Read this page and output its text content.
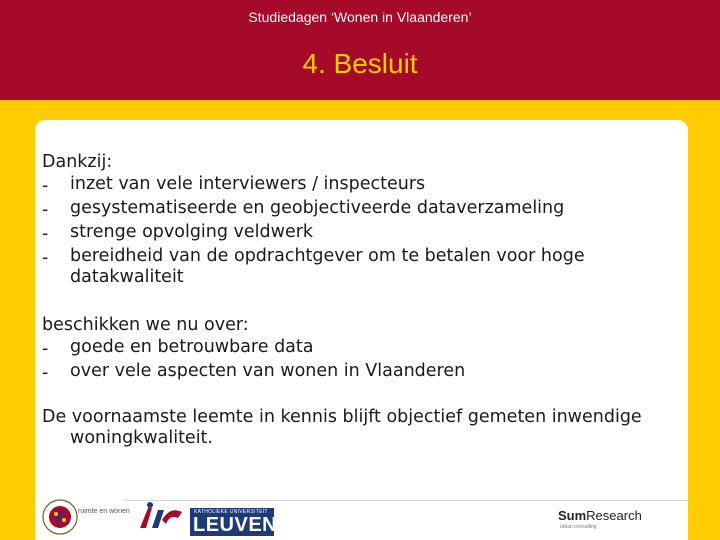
Studiedagen ‘Wonen in Vlaanderen’
4. Besluit

Dankzij:

-	inzet van vele interviewers / inspecteurs
-	gesystematiseerde en geobjectiveerde dataverzameling
-	strenge opvolging veldwerk
-	bereidheid van de opdrachtgever om te betalen voor hoge datakwaliteit

beschikken we nu over:

-	goede en betrouwbare data
-	over vele aspecten van wonen in Vlaanderen

De voornaamste leemte in kennis blijft objectief gemeten inwendige woningkwaliteit.

ruimte en wonen	KATHOLIEKE UNIVERSITEIT
LEUVEN	SumResearch
urban consulting
